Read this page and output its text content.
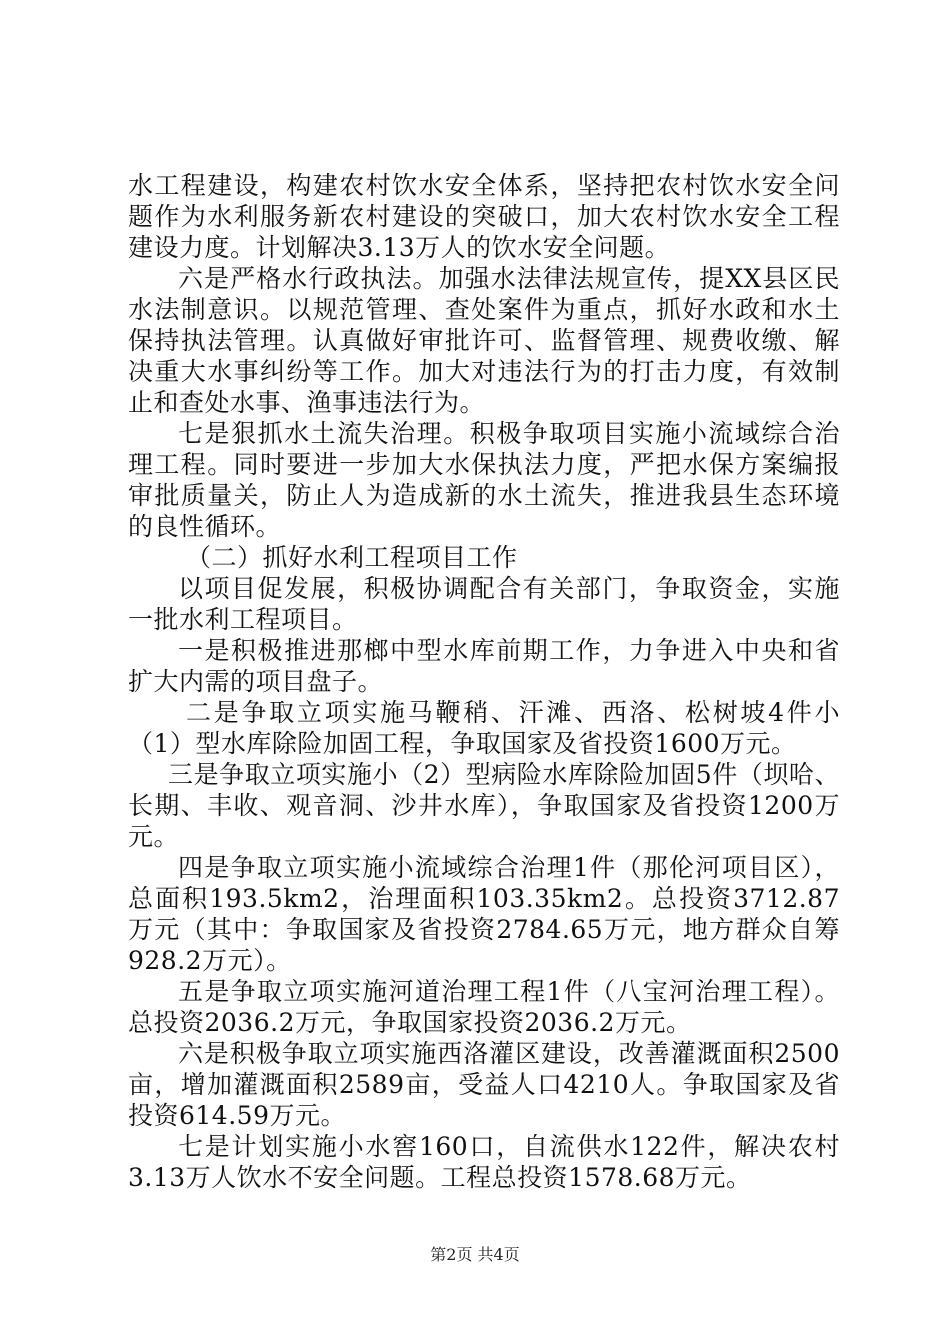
水工程建设，构建农村饮水安全体系，坚持把农村饮水安全问题作为水利服务新农村建设的突破口，加大农村饮水安全工程建设力度。计划解决3.13万人的饮水安全问题。

六是严格水行政执法。加强水法律法规宣传，提XX县区民水法制意识。以规范管理、查处案件为重点，抓好水政和水土保持执法管理。认真做好审批许可、监督管理、规费收缴、解决重大水事纠纷等工作。加大对违法行为的打击力度，有效制止和查处水事、渔事违法行为。

七是狠抓水土流失治理。积极争取项目实施小流域综合治理工程。同时要进一步加大水保执法力度，严把水保方案编报审批质量关，防止人为造成新的水土流失，推进我县生态环境的良性循环。

（二）抓好水利工程项目工作

以项目促发展，积极协调配合有关部门，争取资金，实施一批水利工程项目。

一是积极推进那榔中型水库前期工作，力争进入中央和省扩大内需的项目盘子。

二是争取立项实施马鞭稍、汗滩、西洛、松树坡4件小（1）型水库除险加固工程，争取国家及省投资1600万元。

三是争取立项实施小（2）型病险水库除险加固5件（坝哈、长期、丰收、观音洞、沙井水库），争取国家及省投资1200万元。

四是争取立项实施小流域综合治理1件（那伦河项目区），总面积193.5km2，治理面积103.35km2。总投资3712.87万元（其中：争取国家及省投资2784.65万元，地方群众自筹928.2万元）。

五是争取立项实施河道治理工程1件（八宝河治理工程）。总投资2036.2万元，争取国家投资2036.2万元。

六是积极争取立项实施西洛灌区建设，改善灌溉面积2500亩，增加灌溉面积2589亩，受益人口4210人。争取国家及省投资614.59万元。

七是计划实施小水窖160口，自流供水122件，解决农村3.13万人饮水不安全问题。工程总投资1578.68万元。

第2页 共4页
